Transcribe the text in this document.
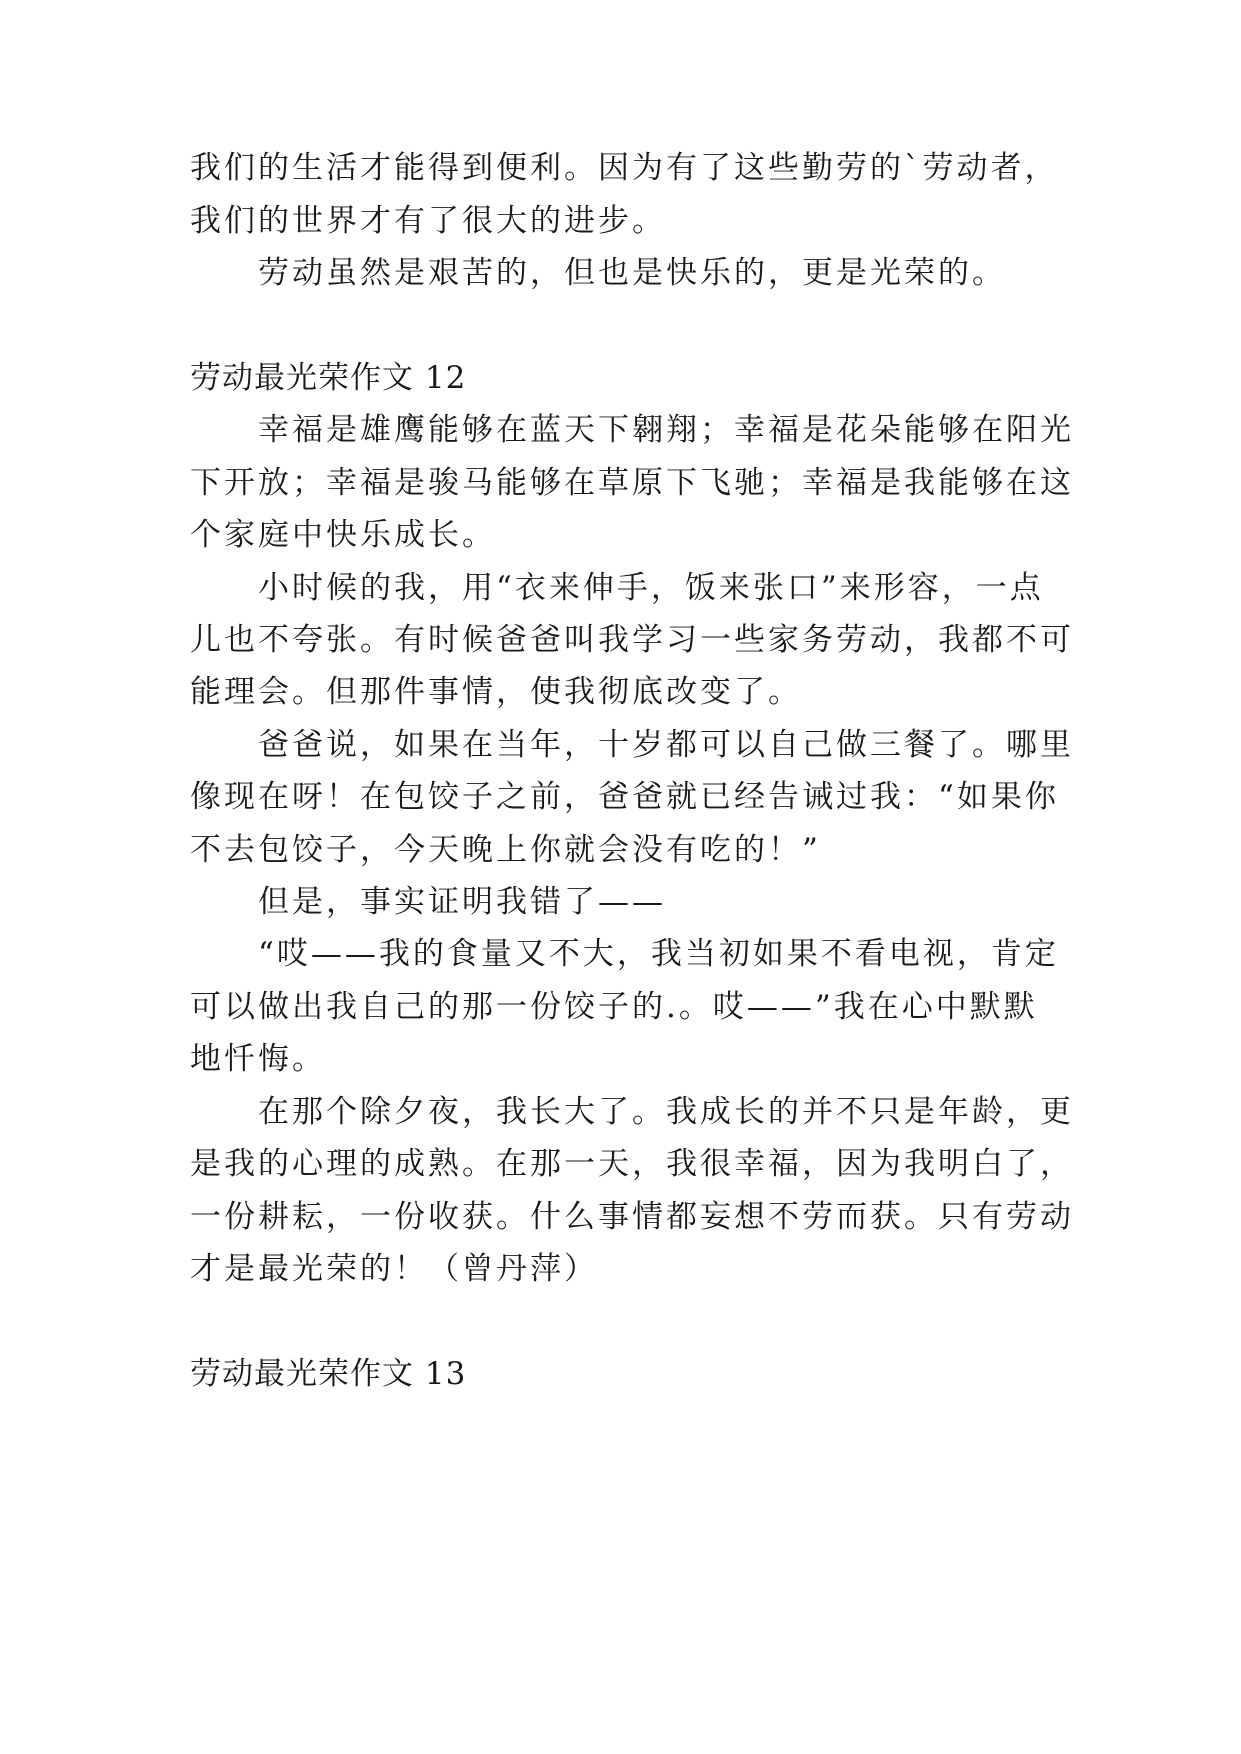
我们的生活才能得到便利。因为有了这些勤劳的`劳动者，
我们的世界才有了很大的进步。
　　劳动虽然是艰苦的，但也是快乐的，更是光荣的。
劳动最光荣作文 12
　　幸福是雄鹰能够在蓝天下翱翔；幸福是花朵能够在阳光
下开放；幸福是骏马能够在草原下飞驰；幸福是我能够在这
个家庭中快乐成长。
　　小时候的我，用“衣来伸手，饭来张口”来形容，一点
儿也不夸张。有时候爸爸叫我学习一些家务劳动，我都不可
能理会。但那件事情，使我彻底改变了。
　　爸爸说，如果在当年，十岁都可以自己做三餐了。哪里
像现在呀！在包饺子之前，爸爸就已经告诫过我：“如果你
不去包饺子，今天晚上你就会没有吃的！”
　　但是，事实证明我错了——
　　“哎——我的食量又不大，我当初如果不看电视，肯定
可以做出我自己的那一份饺子的.。哎——”我在心中默默
地忏悔。
　　在那个除夕夜，我长大了。我成长的并不只是年龄，更
是我的心理的成熟。在那一天，我很幸福，因为我明白了，
一份耕耘，一份收获。什么事情都妄想不劳而获。只有劳动
才是最光荣的！（曾丹萍）
劳动最光荣作文 13
